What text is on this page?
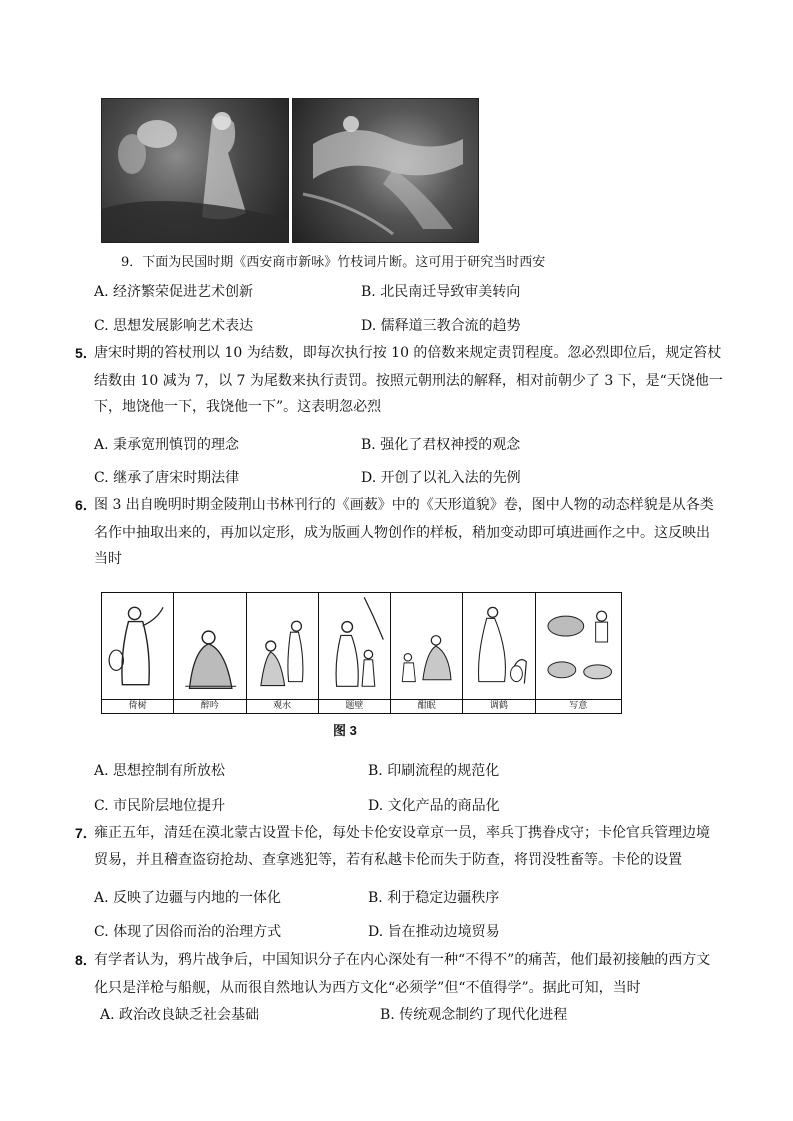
9．下面为民国时期《西安商市新咏》竹枝词片断。这可用于研究当时西安
A. 经济繁荣促进艺术创新	B. 北民南迁导致审美转向
C. 思想发展影响艺术表达	D. 儒释道三教合流的趋势
5．
唐宋时期的笞杖刑以 10 为结数，即每次执行按 10 的倍数来规定责罚程度。忽必烈即位后，规定笞杖
结数由 10 减为 7，以 7 为尾数来执行责罚。按照元朝刑法的解释，相对前朝少了 3 下，是“天饶他一
下，地饶他一下，我饶他一下”。这表明忽必烈
A. 秉承宽刑慎罚的理念	B. 强化了君权神授的观念
C. 继承了唐宋时期法律	D. 开创了以礼入法的先例
6．
图 3 出自晚明时期金陵荆山书林刊行的《画薮》中的《天形道貌》卷，图中人物的动态样貌是从各类
名作中抽取出来的，再加以定形，成为版画人物创作的样板，稍加变动即可填进画作之中。这反映出
当时
倚树	醉吟	观水	题壁	酣眠	调鹤	写意
图 3
A. 思想控制有所放松	B. 印刷流程的规范化
C. 市民阶层地位提升	D. 文化产品的商品化
7．
雍正五年，清廷在漠北蒙古设置卡伦，每处卡伦安设章京一员，率兵丁携眷戍守；卡伦官兵管理边境
贸易，并且稽查盗窃抢劫、查拿逃犯等，若有私越卡伦而失于防查，将罚没牲畜等。卡伦的设置
A. 反映了边疆与内地的一体化	B. 利于稳定边疆秩序
C. 体现了因俗而治的治理方式	D. 旨在推动边境贸易
8．
有学者认为，鸦片战争后，中国知识分子在内心深处有一种“不得不”的痛苦，他们最初接触的西方文
化只是洋枪与船舰，从而很自然地认为西方文化“必须学”但“不值得学”。据此可知，当时
A. 政治改良缺乏社会基础	B. 传统观念制约了现代化进程
